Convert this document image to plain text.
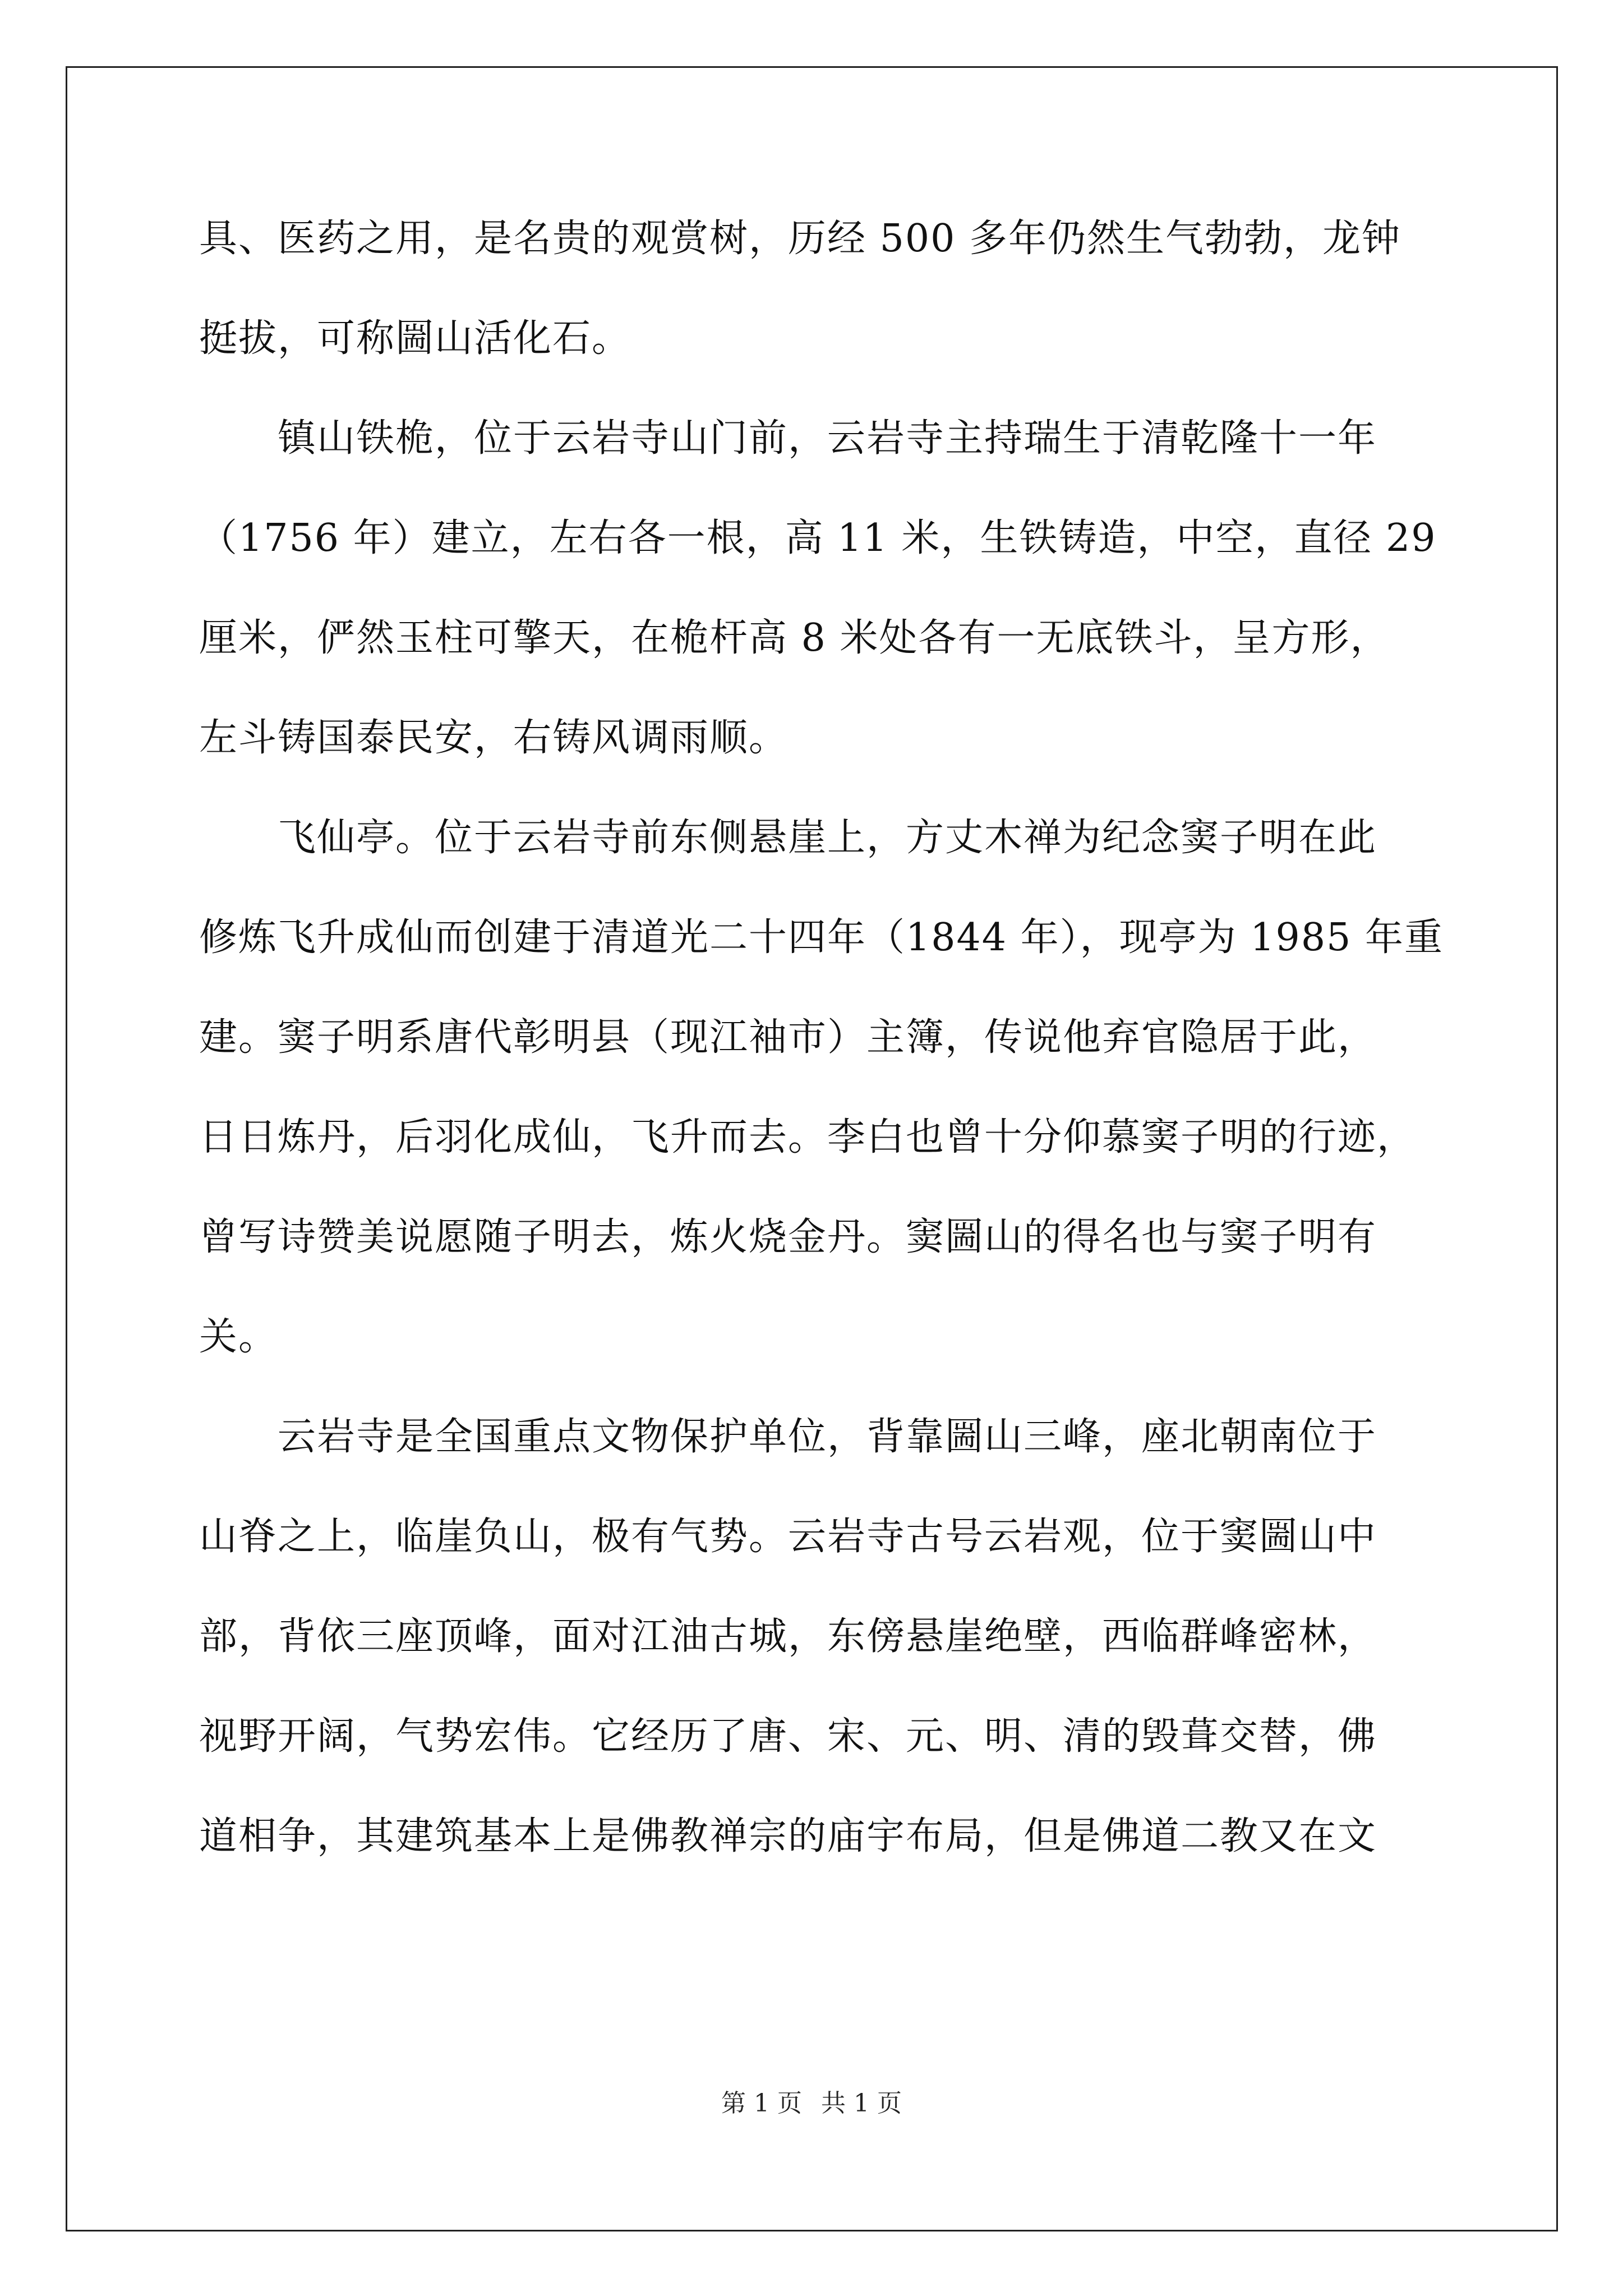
具、医药之用，是名贵的观赏树，历经 500 多年仍然生气勃勃，龙钟
挺拔，可称圌山活化石。
　　镇山铁桅，位于云岩寺山门前，云岩寺主持瑞生于清乾隆十一年
（1756 年）建立，左右各一根，高 11 米，生铁铸造，中空，直径 29
厘米，俨然玉柱可擎天，在桅杆高 8 米处各有一无底铁斗，呈方形，
左斗铸国泰民安，右铸风调雨顺。
　　飞仙亭。位于云岩寺前东侧悬崖上，方丈木禅为纪念窦子明在此
修炼飞升成仙而创建于清道光二十四年（1844 年），现亭为 1985 年重
建。窦子明系唐代彰明县（现江袖市）主簿，传说他弃官隐居于此，
日日炼丹，后羽化成仙，飞升而去。李白也曾十分仰慕窦子明的行迹，
曾写诗赞美说愿随子明去，炼火烧金丹。窦圌山的得名也与窦子明有
关。
　　云岩寺是全国重点文物保护单位，背靠圌山三峰，座北朝南位于
山脊之上，临崖负山，极有气势。云岩寺古号云岩观，位于窦圌山中
部，背依三座顶峰，面对江油古城，东傍悬崖绝壁，西临群峰密林，
视野开阔，气势宏伟。它经历了唐、宋、元、明、清的毁葺交替，佛
道相争，其建筑基本上是佛教禅宗的庙宇布局，但是佛道二教又在文
第 1 页 共 1 页
